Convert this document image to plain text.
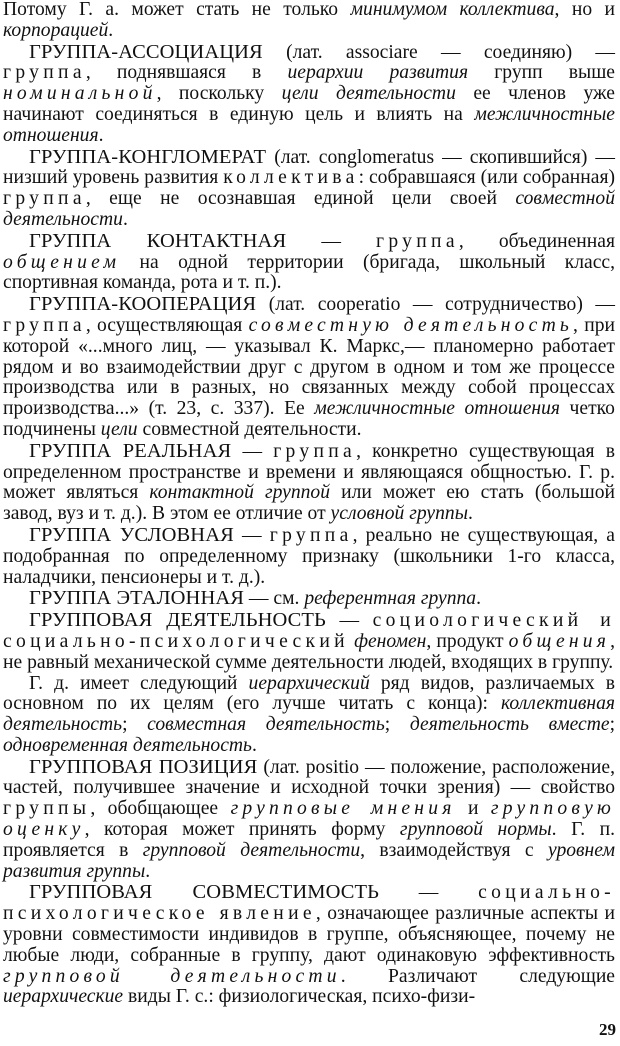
Потому Г. а. может стать не только минимумом коллектива, но и корпорацией.

ГРУППА-АССОЦИАЦИЯ (лат. associare — соединяю) — группа, поднявшаяся в иерархии развития групп выше номинальной, поскольку цели деятельности ее членов уже начинают соединяться в единую цель и влиять на межличностные отношения.

ГРУППА-КОНГЛОМЕРАТ (лат. conglomeratus — скопившийся) — низший уровень развития коллектива: собравшаяся (или собранная) группа, еще не осознавшая единой цели своей совместной деятельности.

ГРУППА КОНТАКТНАЯ — группа, объединенная общением на одной территории (бригада, школьный класс, спортивная команда, рота и т. п.).

ГРУППА-КООПЕРАЦИЯ (лат. cooperatio — сотрудничество) — группа, осуществляющая совместную деятельность, при которой «...много лиц, — указывал К. Маркс,— планомерно работает рядом и во взаимодействии друг с другом в одном и том же процессе производства или в разных, но связанных между собой процессах производства...» (т. 23, с. 337). Ее межличностные отношения четко подчинены цели совместной деятельности.

ГРУППА РЕАЛЬНАЯ — группа, конкретно существующая в определенном пространстве и времени и являющаяся общностью. Г. р. может являться контактной группой или может ею стать (большой завод, вуз и т. д.). В этом ее отличие от условной группы.

ГРУППА УСЛОВНАЯ — группа, реально не существующая, а подобранная по определенному признаку (школьники 1-го класса, наладчики, пенсионеры и т. д.).

ГРУППА ЭТАЛОННАЯ — см. референтная группа.

ГРУППОВАЯ ДЕЯТЕЛЬНОСТЬ — социологический и социально-психологический феномен, продукт общения, не равный механической сумме деятельности людей, входящих в группу.

Г. д. имеет следующий иерархический ряд видов, различаемых в основном по их целям (его лучше читать с конца): коллективная деятельность; совместная деятельность; деятельность вместе; одновременная деятельность.

ГРУППОВАЯ ПОЗИЦИЯ (лат. positio — положение, расположение, частей, получившее значение и исходной точки зрения) — свойство группы, обобщающее групповые мнения и групповую оценку, которая может принять форму групповой нормы. Г. п. проявляется в групповой деятельности, взаимодействуя с уровнем развития группы.

ГРУППОВАЯ СОВМЕСТИМОСТЬ — социально-психологическое явление, означающее различные аспекты и уровни совместимости индивидов в группе, объясняющее, почему не любые люди, собранные в группу, дают одинаковую эффективность групповой деятельности. Различают следующие иерархические виды Г. с.: физиологическая, психо-физи-

29
